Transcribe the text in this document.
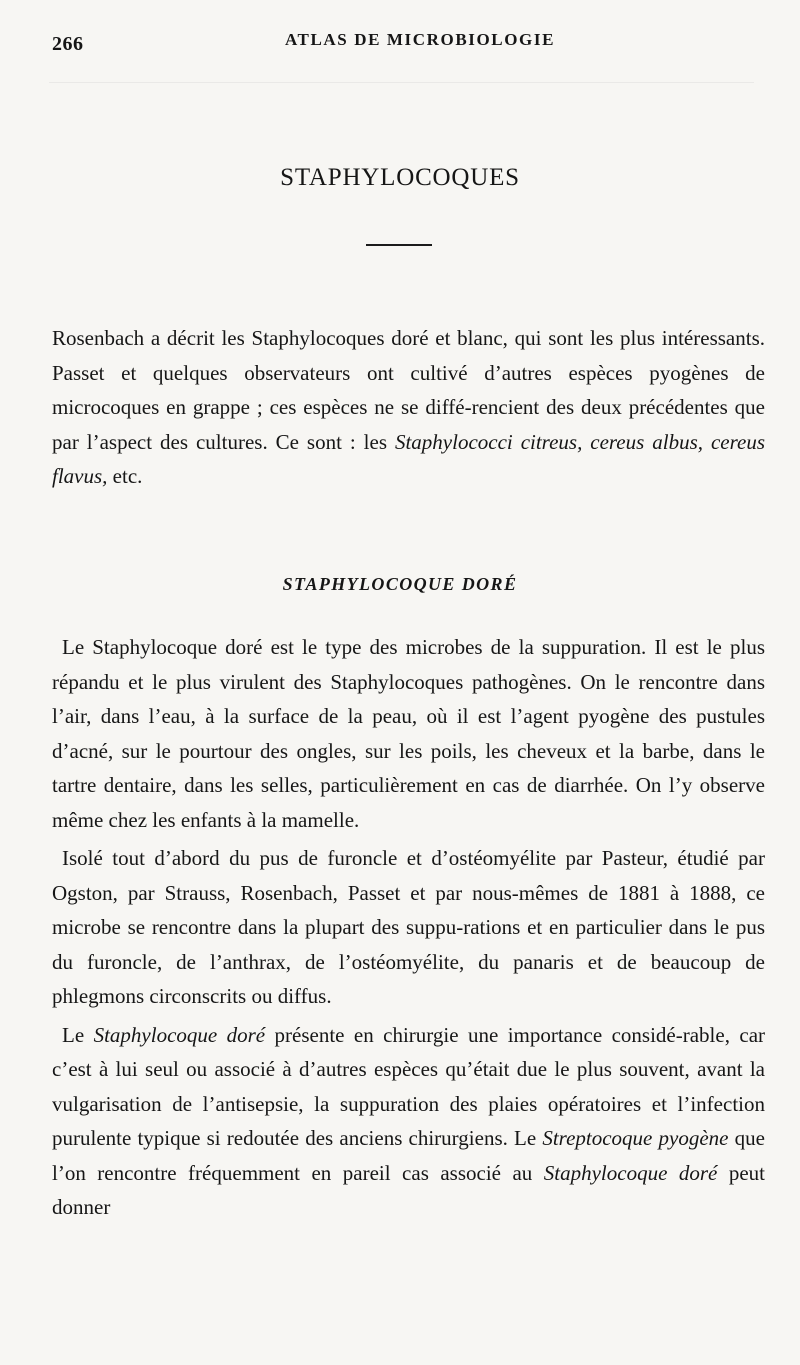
266	ATLAS DE MICROBIOLOGIE
STAPHYLOCOQUES

Rosenbach a décrit les Staphylocoques doré et blanc, qui sont les plus intéressants. Passet et quelques observateurs ont cultivé d’autres espèces pyogènes de microcoques en grappe ; ces espèces ne se diffé-rencient des deux précédentes que par l’aspect des cultures. Ce sont : les Staphylococci citreus, cereus albus, cereus flavus, etc.

STAPHYLOCOQUE DORÉ

Le Staphylocoque doré est le type des microbes de la suppuration. Il est le plus répandu et le plus virulent des Staphylocoques pathogènes. On le rencontre dans l’air, dans l’eau, à la surface de la peau, où il est l’agent pyogène des pustules d’acné, sur le pourtour des ongles, sur les poils, les cheveux et la barbe, dans le tartre dentaire, dans les selles, particulièrement en cas de diarrhée. On l’y observe même chez les enfants à la mamelle.

Isolé tout d’abord du pus de furoncle et d’ostéomyélite par Pasteur, étudié par Ogston, par Strauss, Rosenbach, Passet et par nous-mêmes de 1881 à 1888, ce microbe se rencontre dans la plupart des suppu-rations et en particulier dans le pus du furoncle, de l’anthrax, de l’ostéomyélite, du panaris et de beaucoup de phlegmons circonscrits ou diffus.

Le Staphylocoque doré présente en chirurgie une importance considé-rable, car c’est à lui seul ou associé à d’autres espèces qu’était due le plus souvent, avant la vulgarisation de l’antisepsie, la suppuration des plaies opératoires et l’infection purulente typique si redoutée des anciens chirurgiens. Le Streptocoque pyogène que l’on rencontre fréquemment en pareil cas associé au Staphylocoque doré peut donner
